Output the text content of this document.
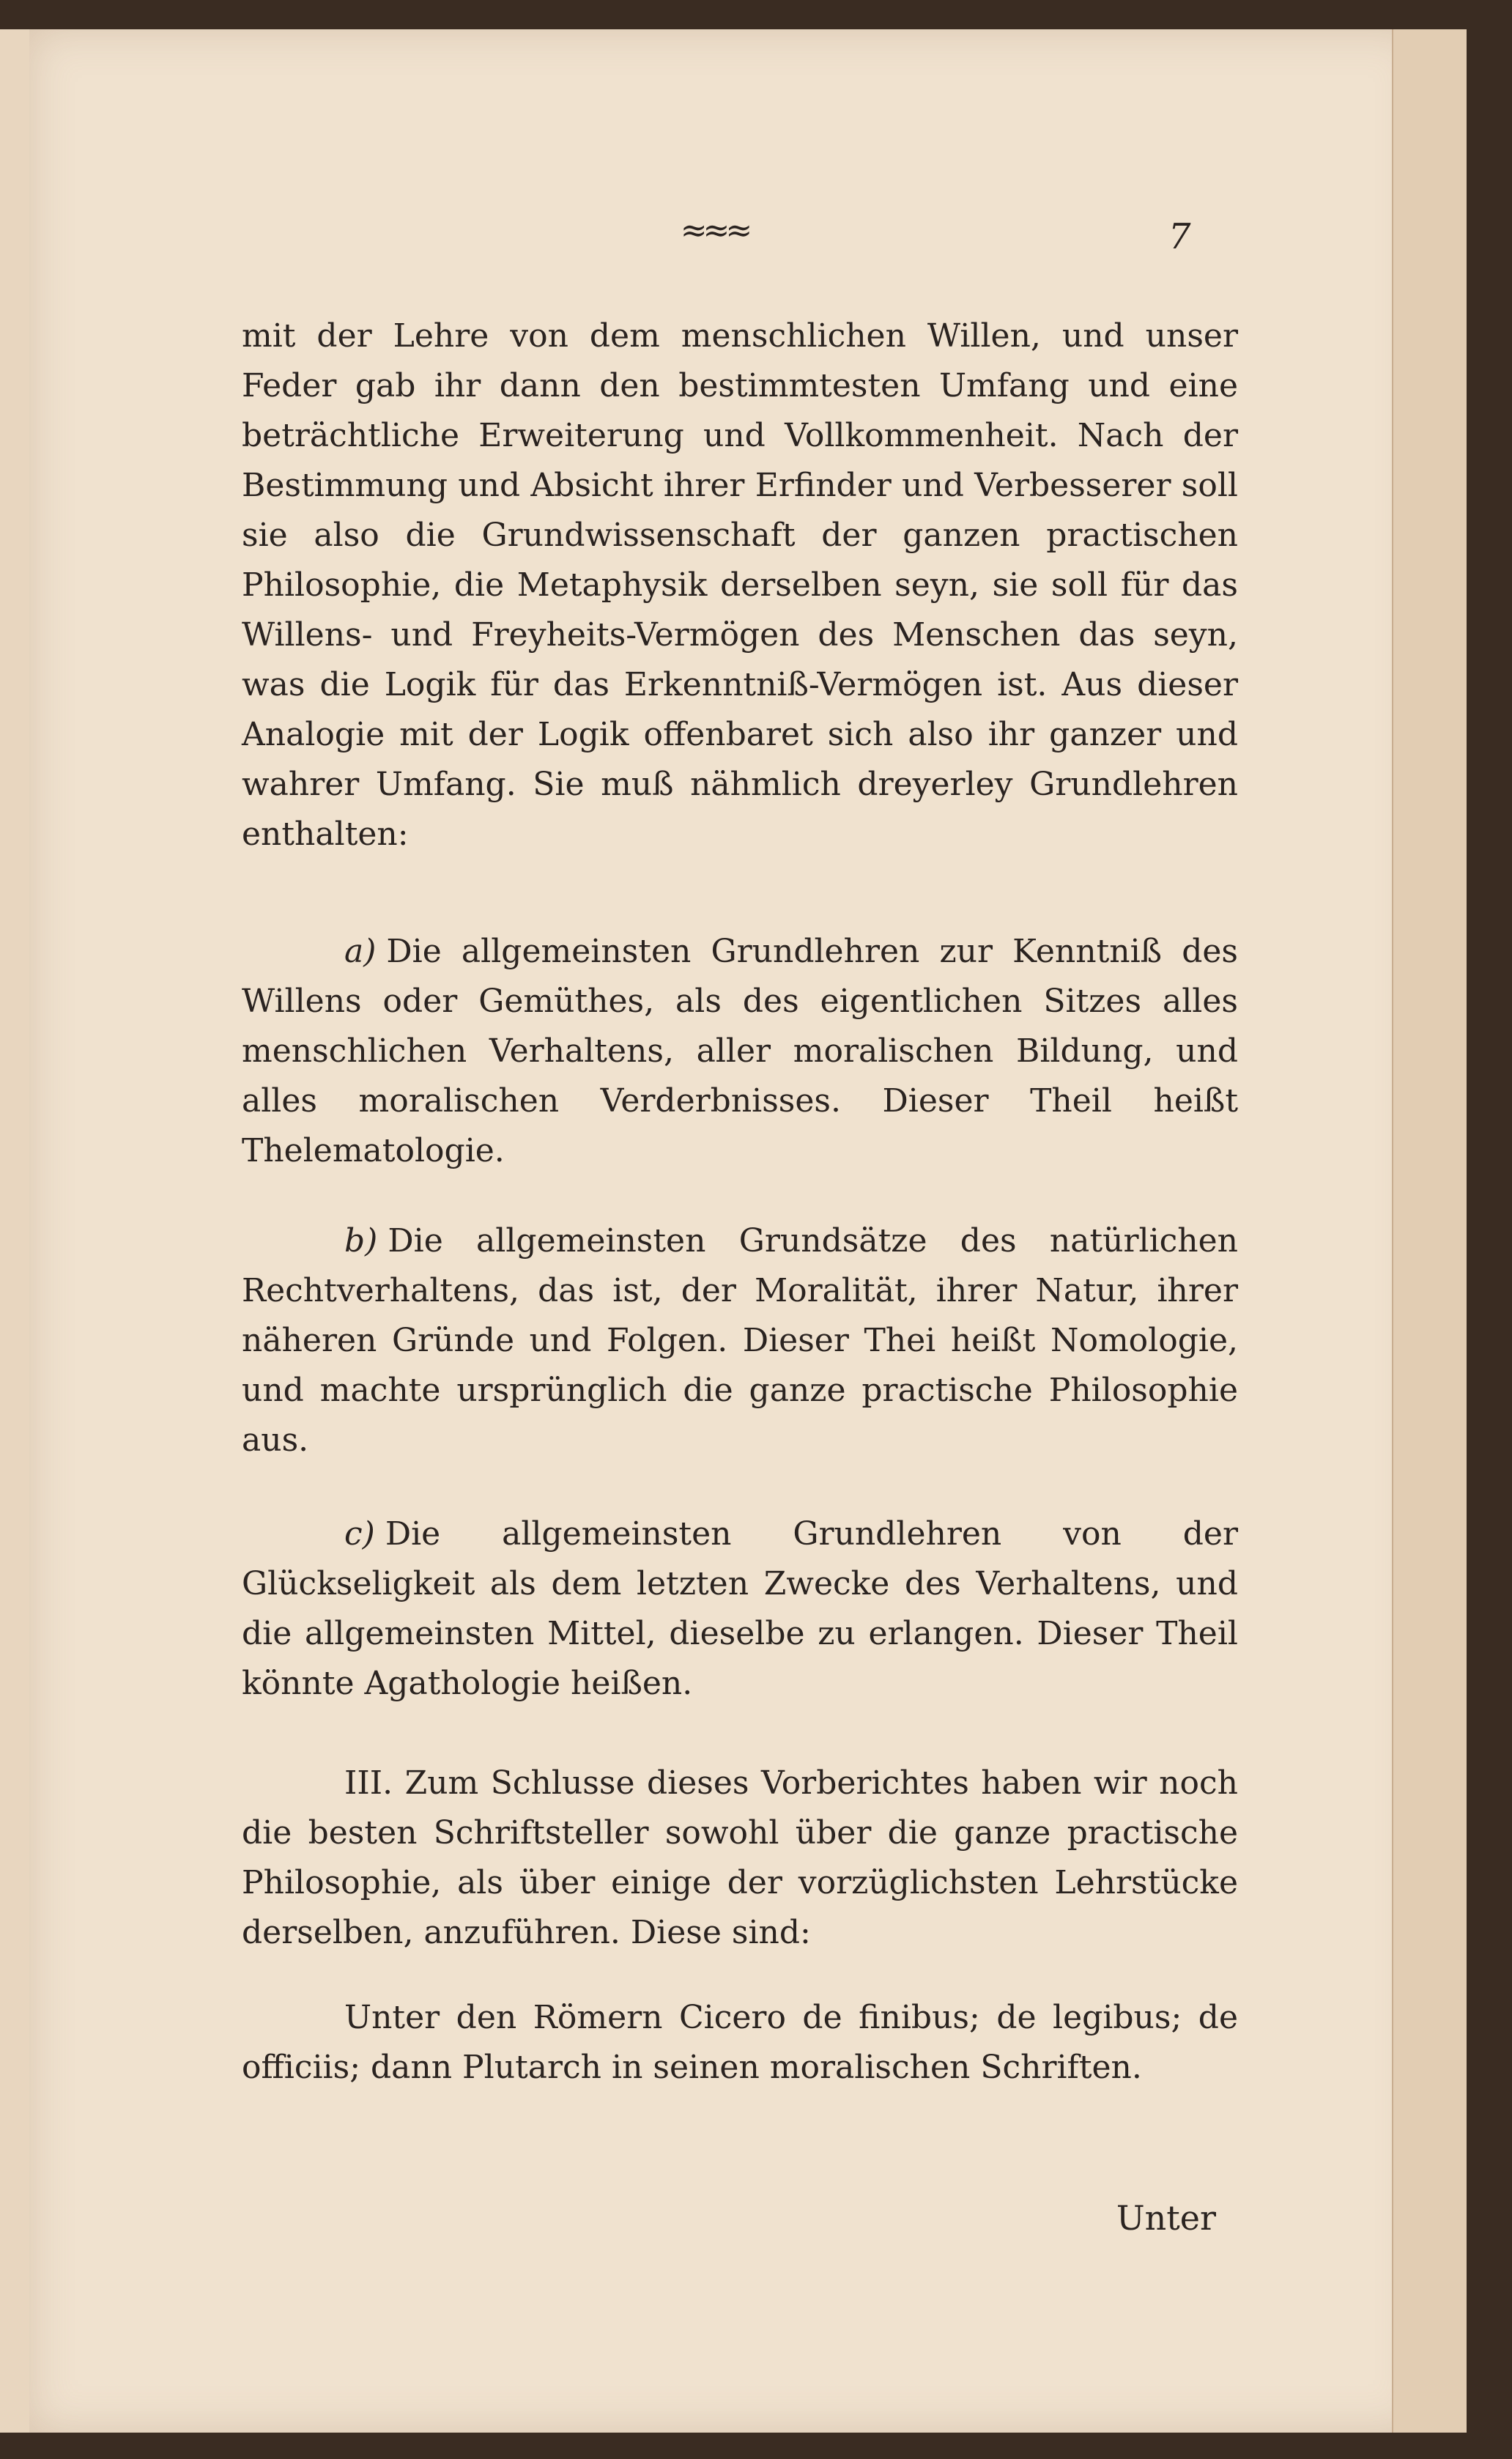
≈≈≈	7

mit der Lehre von dem menschlichen Willen, und unser Feder gab ihr dann den bestimmtesten Umfang und eine beträchtliche Erweiterung und Vollkommenheit. Nach der Bestimmung und Absicht ihrer Erfinder und Verbesserer soll sie also die Grundwissenschaft der ganzen practischen Philosophie, die Metaphysik derselben seyn, sie soll für das Willens- und Freyheits-Vermögen des Menschen das seyn, was die Logik für das Erkenntniß-Vermögen ist. Aus dieser Analogie mit der Logik offenbaret sich also ihr ganzer und wahrer Umfang. Sie muß nähmlich dreyerley Grundlehren enthalten:

a) Die allgemeinsten Grundlehren zur Kenntniß des Willens oder Gemüthes, als des eigentlichen Sitzes alles menschlichen Verhaltens, aller moralischen Bildung, und alles moralischen Verderbnisses. Dieser Theil heißt Thelematologie.

b) Die allgemeinsten Grundsätze des natürlichen Rechtverhaltens, das ist, der Moralität, ihrer Natur, ihrer näheren Gründe und Folgen. Dieser Thei heißt Nomologie, und machte ursprünglich die ganze practische Philosophie aus.

c) Die allgemeinsten Grundlehren von der Glückseligkeit als dem letzten Zwecke des Verhaltens, und die allgemeinsten Mittel, dieselbe zu erlangen. Dieser Theil könnte Agathologie heißen.

III. Zum Schlusse dieses Vorberichtes haben wir noch die besten Schriftsteller sowohl über die ganze practische Philosophie, als über einige der vorzüglichsten Lehrstücke derselben, anzuführen. Diese sind:

Unter den Römern Cicero de finibus; de legibus; de officiis; dann Plutarch in seinen moralischen Schriften.

Unter
